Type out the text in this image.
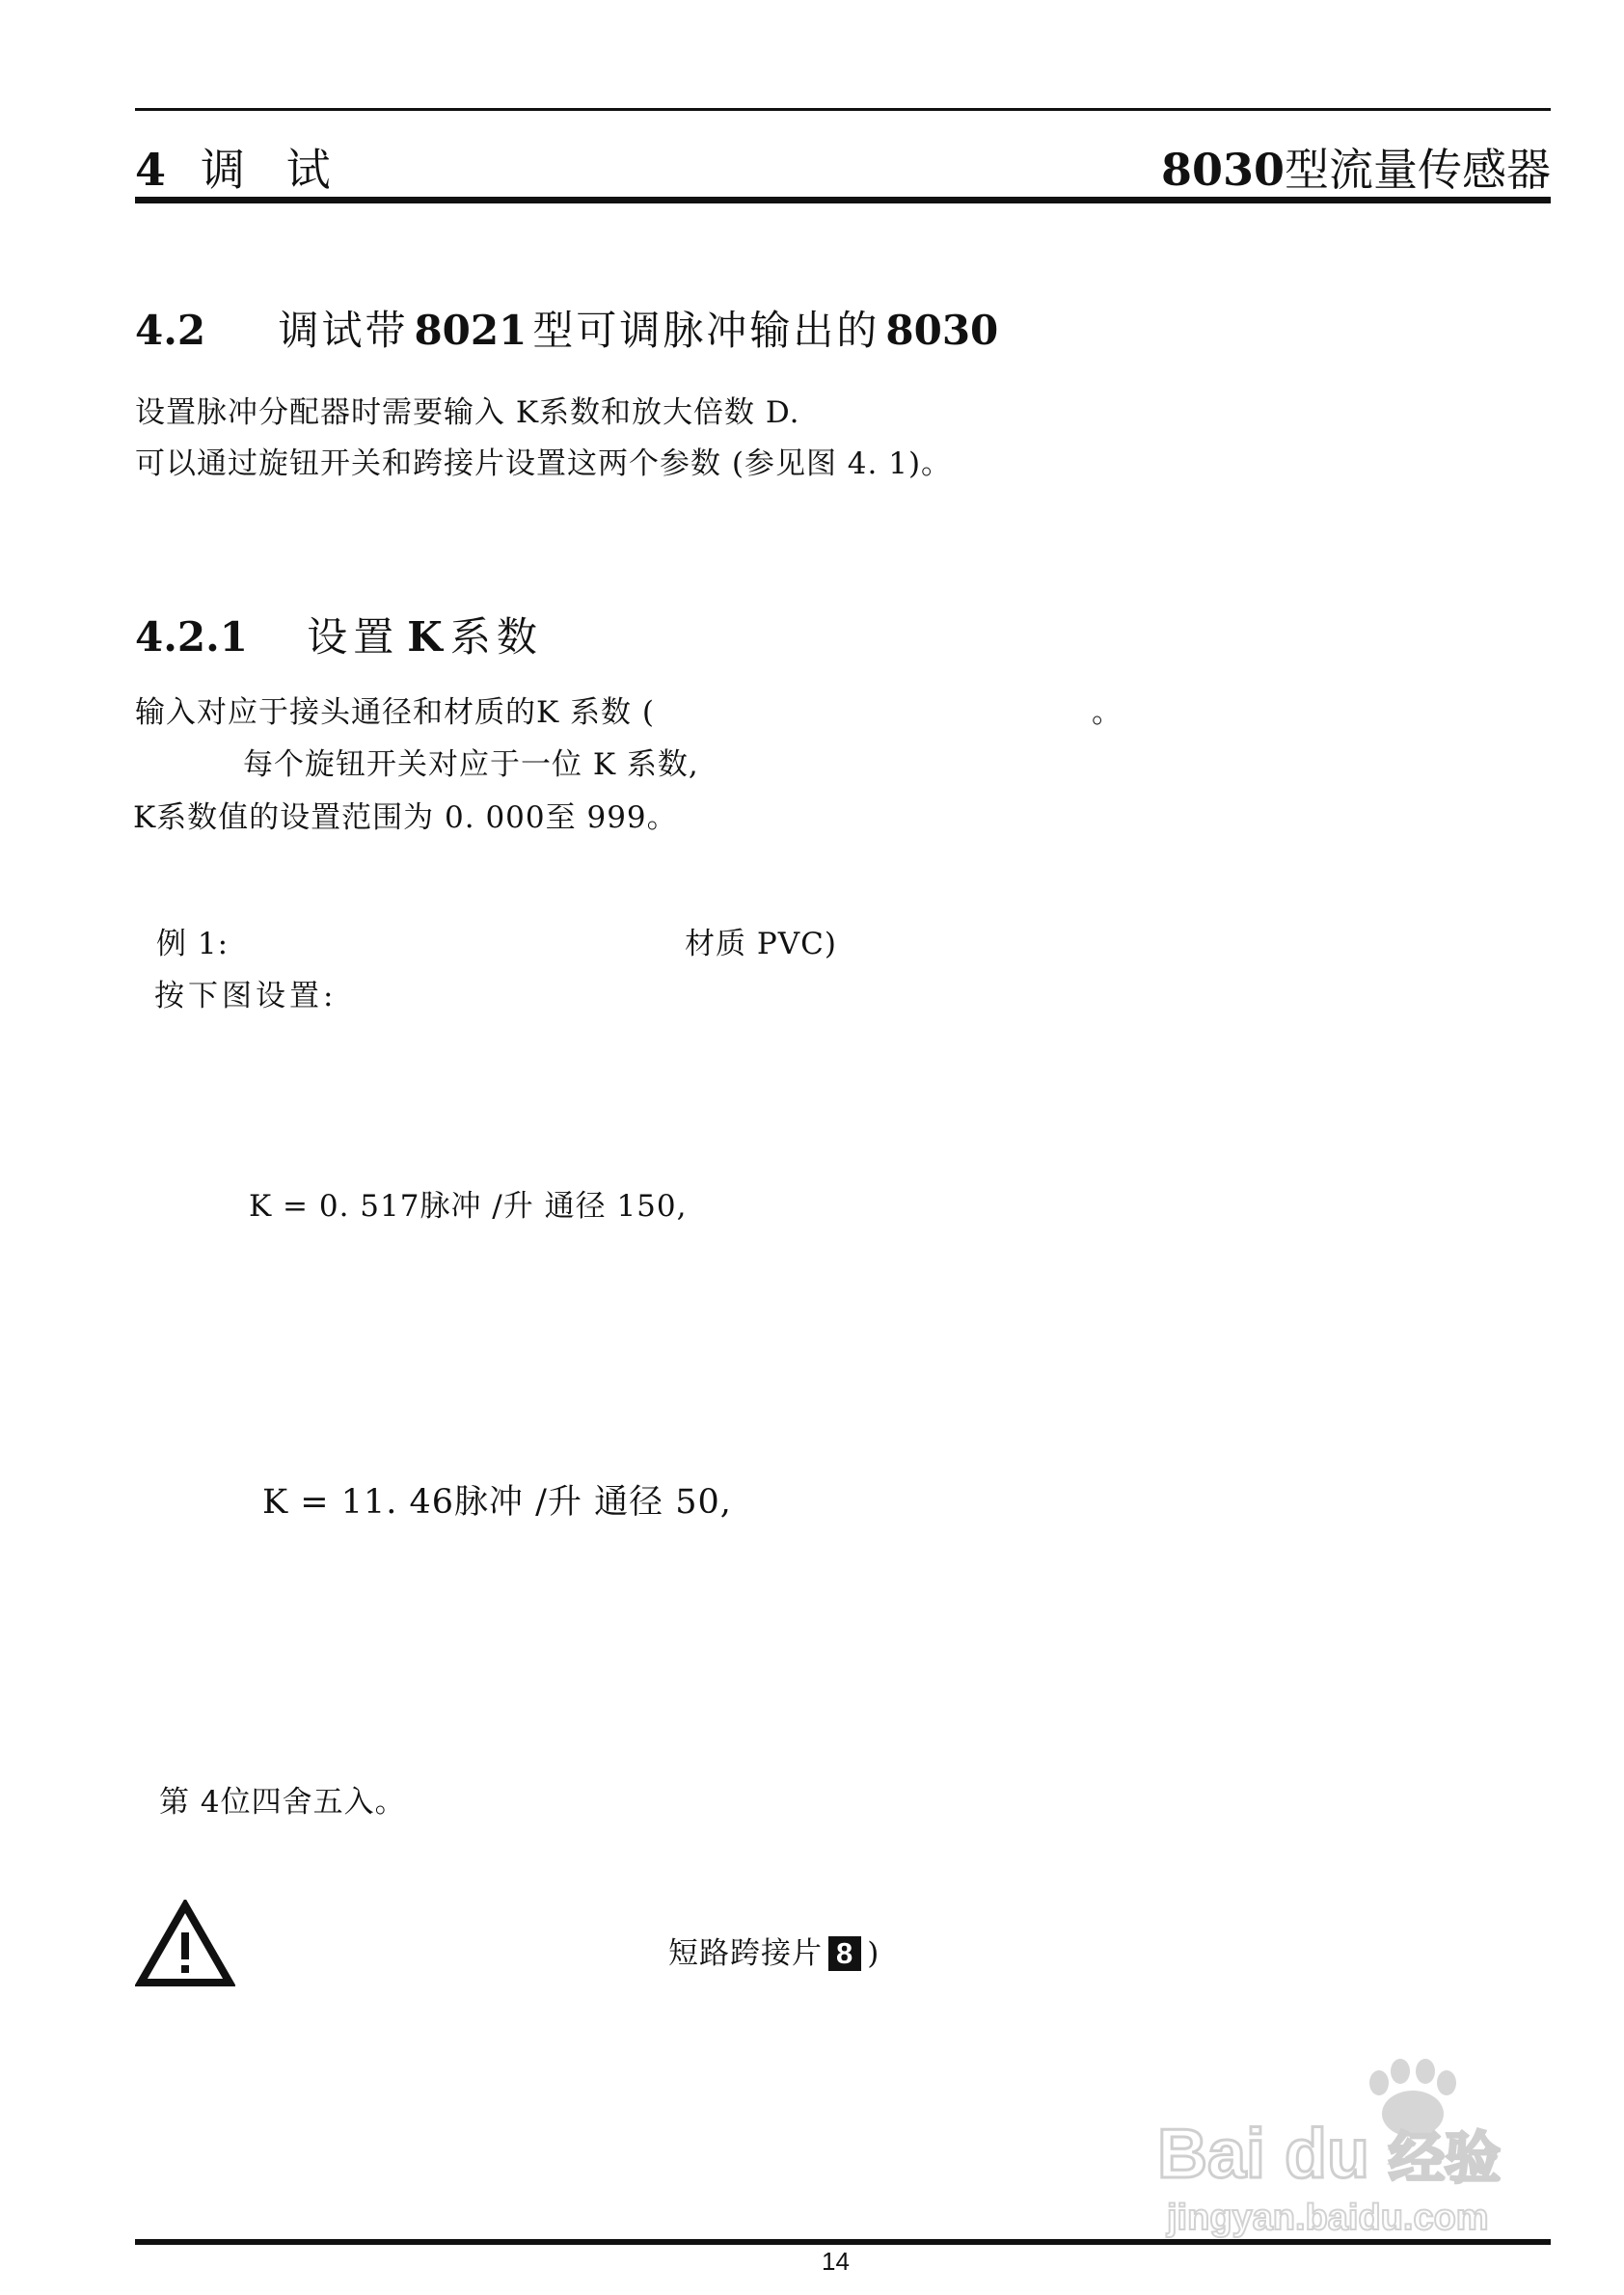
4 调 试	8030型流量传感器
4.2 调试带 8021 型可调脉冲输出的 8030
设置脉冲分配器时需要输入 K系数和放大倍数 D.
可以通过旋钮开关和跨接片设置这两个参数 (参见图 4. 1)。
4.2.1 设置 K 系数
输入对应于接头通径和材质的K 系数 (	。
每个旋钮开关对应于一位 K 系数,
K系数值的设置范围为 0. 000至 999。
例 1:	材质 PVC)
按下图设置:
K = 0. 517脉冲 /升 通径 150,
K = 11. 46脉冲 /升 通径 50,
第 4位四舍五入。
短路跨接片 8 )
Bai du 经验
jingyan.baidu.com
14
